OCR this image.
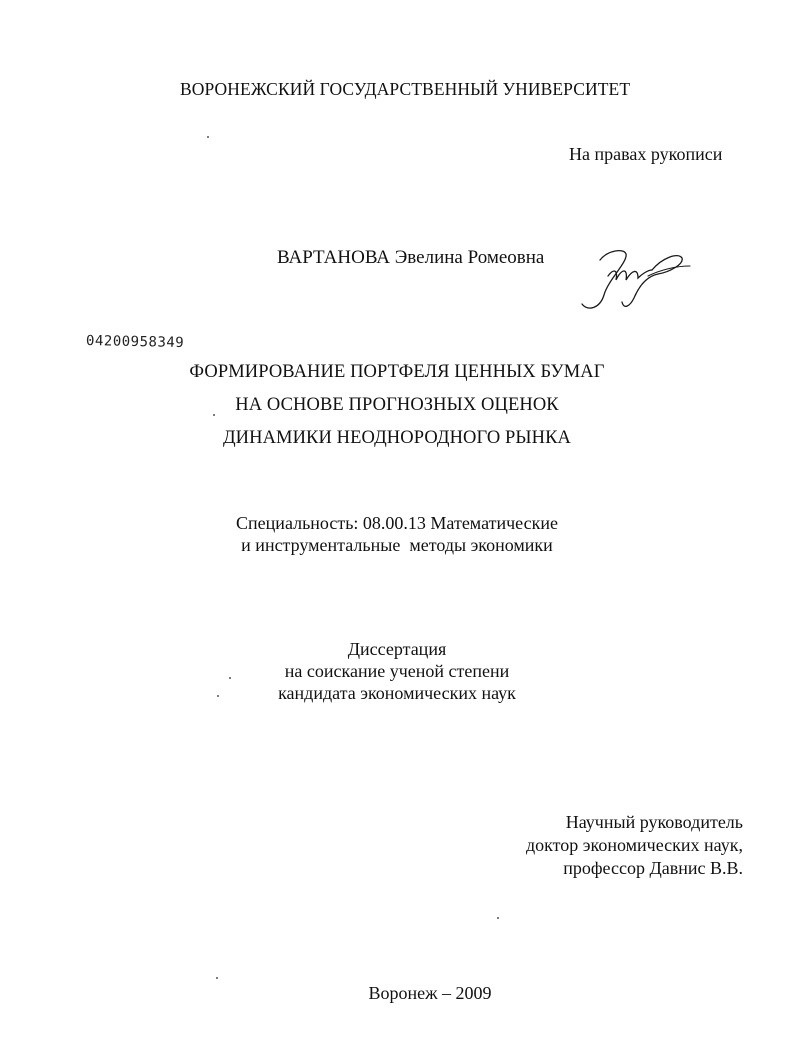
ВОРОНЕЖСКИЙ ГОСУДАРСТВЕННЫЙ УНИВЕРСИТЕТ
На правах рукописи
ВАРТАНОВА Эвелина Ромеовна
04200958349
ФОРМИРОВАНИЕ ПОРТФЕЛЯ ЦЕННЫХ БУМАГ
НА ОСНОВЕ ПРОГНОЗНЫХ ОЦЕНОК
ДИНАМИКИ НЕОДНОРОДНОГО РЫНКА
Специальность: 08.00.13 Математические
и инструментальные  методы экономики
Диссертация
на соискание ученой степени
кандидата экономических наук
Научный руководитель
доктор экономических наук,
профессор Давнис В.В.
Воронеж – 2009
